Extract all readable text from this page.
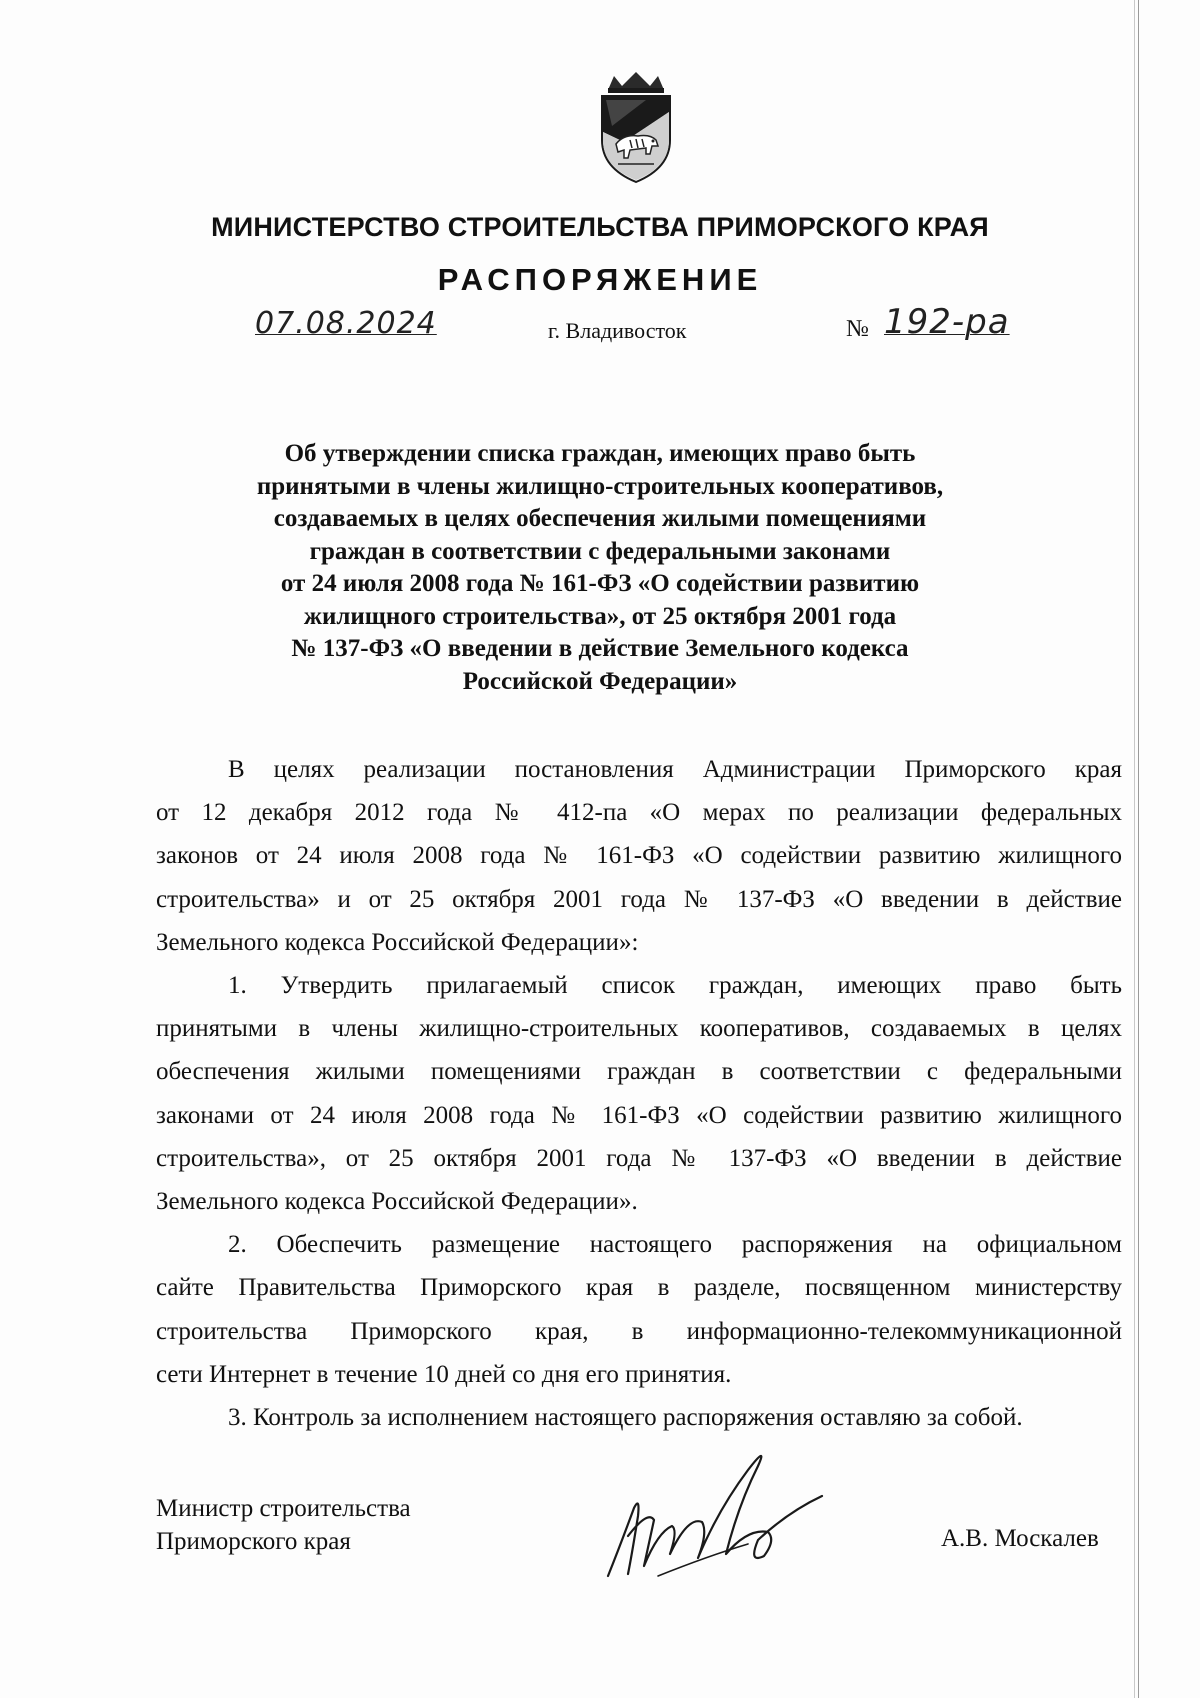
МИНИСТЕРСТВО СТРОИТЕЛЬСТВА ПРИМОРСКОГО КРАЯ
РАСПОРЯЖЕНИЕ
07.08.2024	г. Владивосток	№ 192-ра
Об утверждении списка граждан, имеющих право быть
принятыми в члены жилищно-строительных кооперативов,
создаваемых в целях обеспечения жилыми помещениями
граждан в соответствии с федеральными законами
от 24 июля 2008 года № 161-ФЗ «О содействии развитию
жилищного строительства», от 25 октября 2001 года
№ 137-ФЗ «О введении в действие Земельного кодекса
Российской Федерации»
В целях реализации постановления Администрации Приморского края
от 12 декабря 2012 года № 412-па «О мерах по реализации федеральных
законов от 24 июля 2008 года № 161-ФЗ «О содействии развитию жилищного
строительства» и от 25 октября 2001 года № 137-ФЗ «О введении в действие
Земельного кодекса Российской Федерации»:
1. Утвердить прилагаемый список граждан, имеющих право быть
принятыми в члены жилищно-строительных кооперативов, создаваемых в целях
обеспечения жилыми помещениями граждан в соответствии с федеральными
законами от 24 июля 2008 года № 161-ФЗ «О содействии развитию жилищного
строительства», от 25 октября 2001 года № 137-ФЗ «О введении в действие
Земельного кодекса Российской Федерации».
2. Обеспечить размещение настоящего распоряжения на официальном
сайте Правительства Приморского края в разделе, посвященном министерству
строительства Приморского края, в информационно-телекоммуникационной
сети Интернет в течение 10 дней со дня его принятия.
3. Контроль за исполнением настоящего распоряжения оставляю за собой.
Министр строительства
Приморского края	А.В. Москалев
